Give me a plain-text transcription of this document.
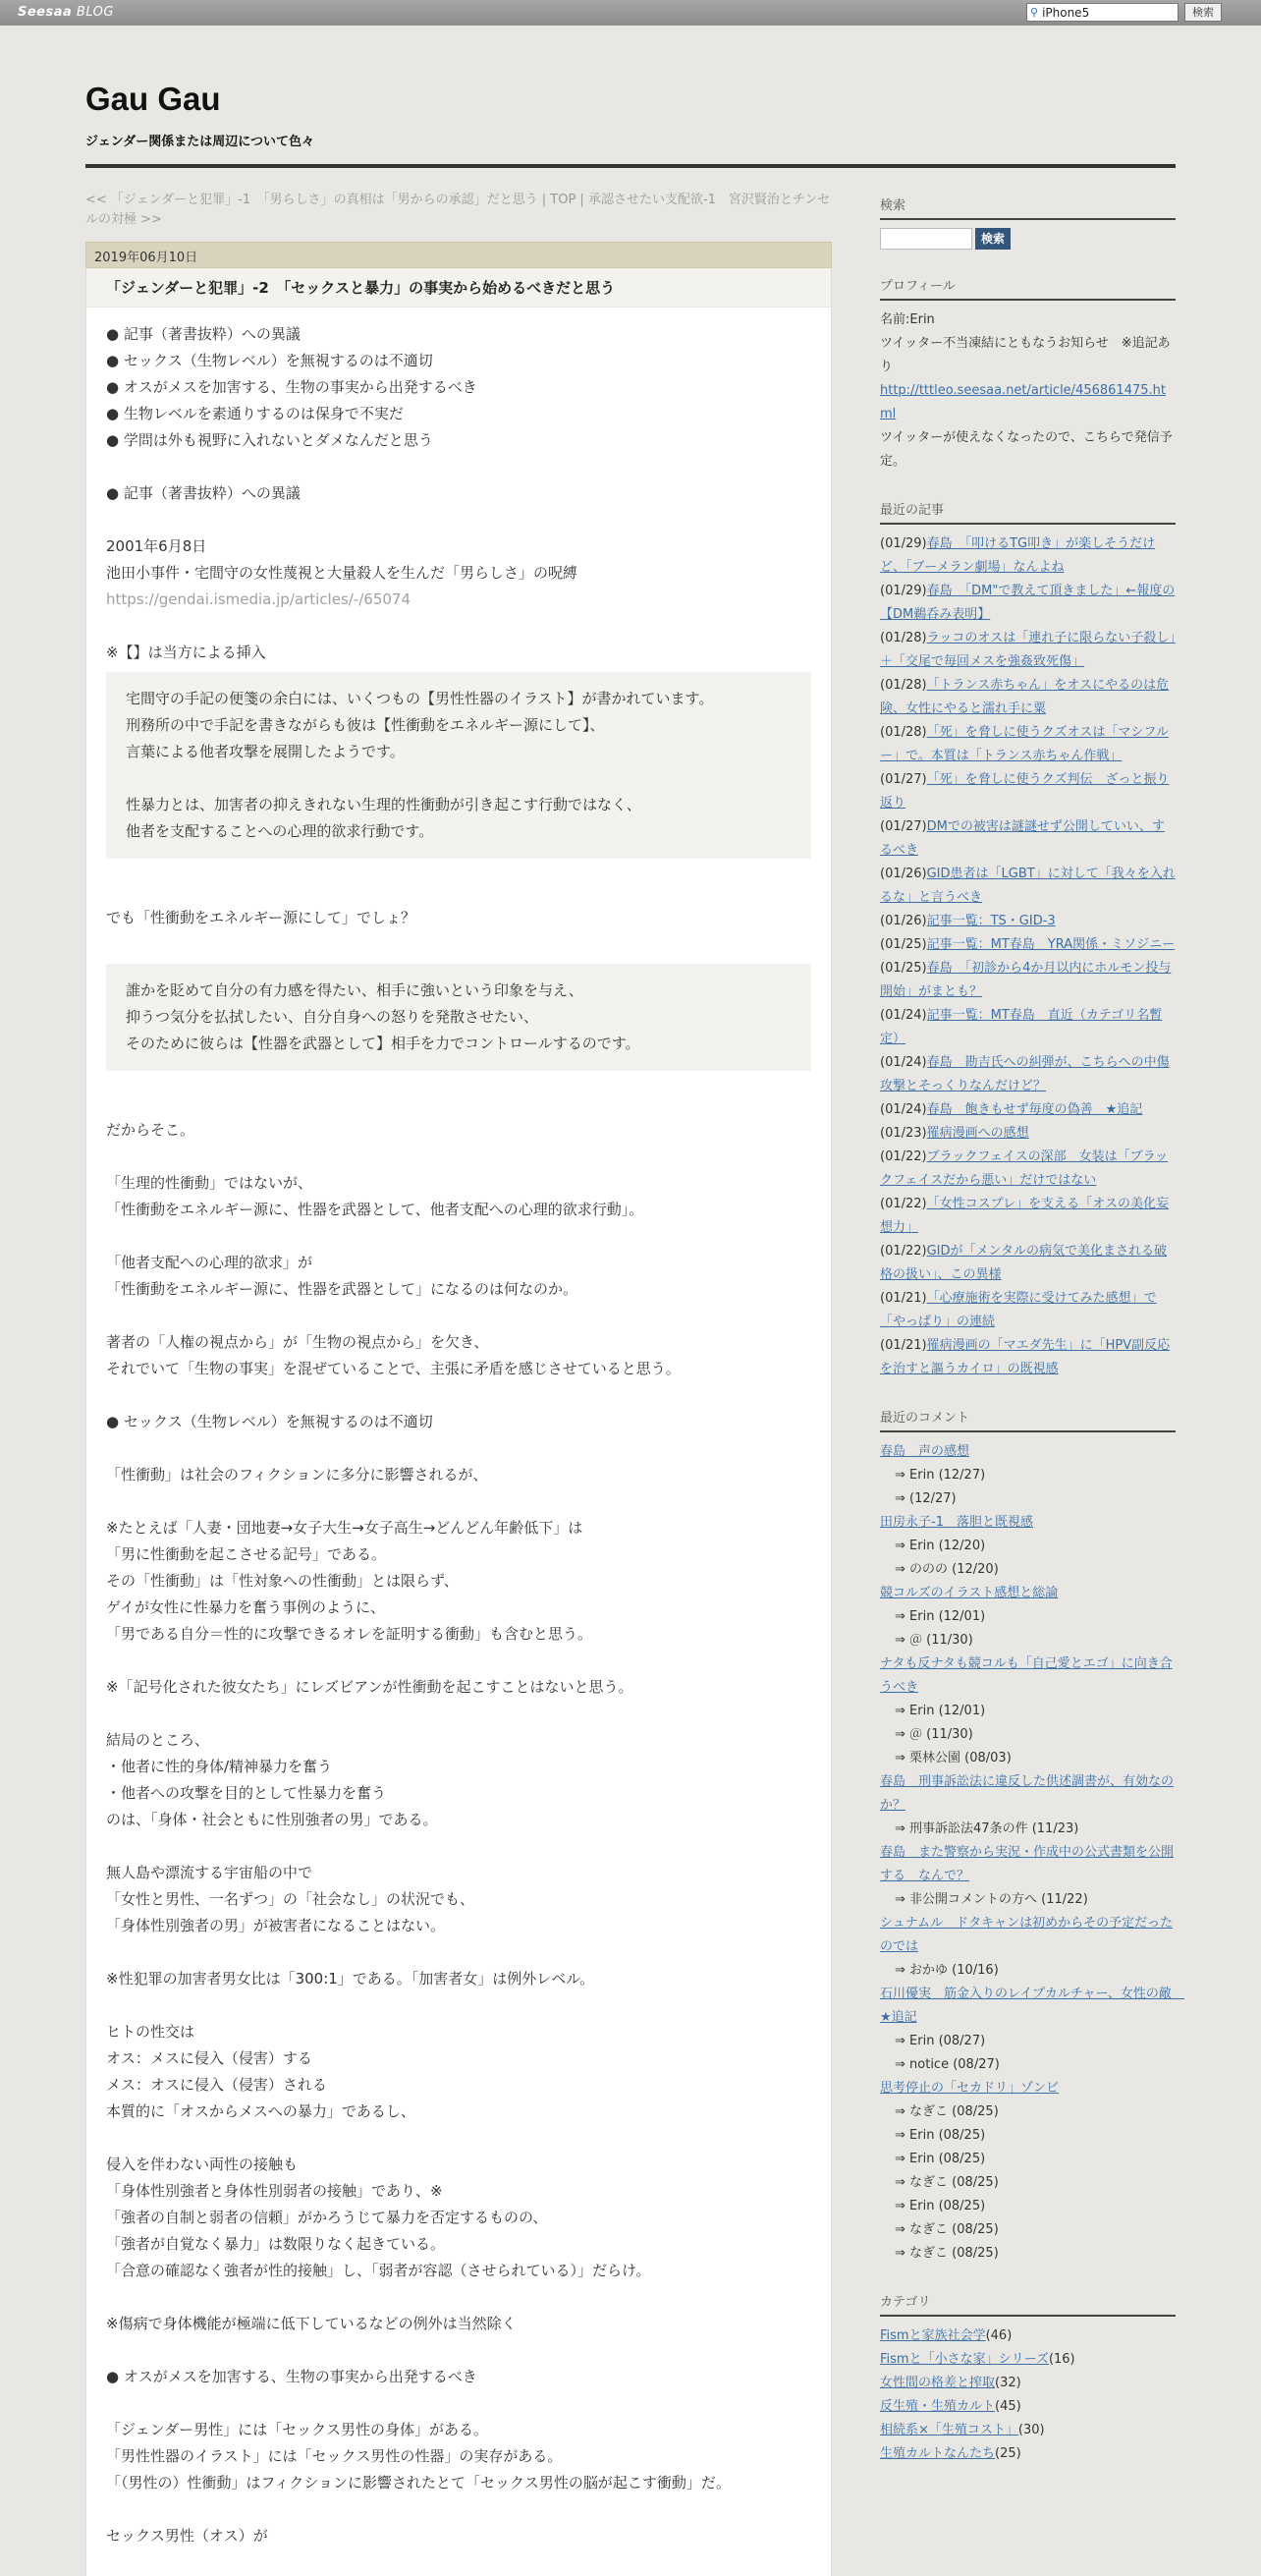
Seesaa BLOG	⚲ iPhone5	検索
Gau Gau
ジェンダー関係または周辺について色々
<< 「ジェンダーと犯罪」-1　「男らしさ」の真相は「男からの承認」だと思う | TOP | 承認させたい支配欲-1　宮沢賢治とチンセルの対極 >>
2019年06月10日
「ジェンダーと犯罪」-2　「セックスと暴力」の事実から始めるべきだと思う
● 記事（著書抜粋）への異議
● セックス（生物レベル）を無視するのは不適切
● オスがメスを加害する、生物の事実から出発するべき
● 生物レベルを素通りするのは保身で不実だ
● 学問は外も視野に入れないとダメなんだと思う
● 記事（著書抜粋）への異議
2001年6月8日
池田小事件・宅間守の女性蔑視と大量殺人を生んだ「男らしさ」の呪縛
https://gendai.ismedia.jp/articles/-/65074
※【】は当方による挿入
宅間守の手記の便箋の余白には、いくつもの【男性性器のイラスト】が書かれています。
刑務所の中で手記を書きながらも彼は【性衝動をエネルギー源にして】、
言葉による他者攻撃を展開したようです。
性暴力とは、加害者の抑えきれない生理的性衝動が引き起こす行動ではなく、
他者を支配することへの心理的欲求行動です。
でも「性衝動をエネルギー源にして」でしょ？
誰かを貶めて自分の有力感を得たい、相手に強いという印象を与え、
抑うつ気分を払拭したい、自分自身への怒りを発散させたい、
そのために彼らは【性器を武器として】相手を力でコントロールするのです。
だからそこ。
「生理的性衝動」ではないが、
「性衝動をエネルギー源に、性器を武器として、他者支配への心理的欲求行動」。
「他者支配への心理的欲求」が
「性衝動をエネルギー源に、性器を武器として」になるのは何なのか。
著者の「人権の視点から」が「生物の視点から」を欠き、
それでいて「生物の事実」を混ぜていることで、主張に矛盾を感じさせていると思う。
● セックス（生物レベル）を無視するのは不適切
「性衝動」は社会のフィクションに多分に影響されるが、
※たとえば「人妻・団地妻→女子大生→女子高生→どんどん年齢低下」は
「男に性衝動を起こさせる記号」である。
その「性衝動」は「性対象への性衝動」とは限らず、
ゲイが女性に性暴力を奮う事例のように、
「男である自分＝性的に攻撃できるオレを証明する衝動」も含むと思う。
※「記号化された彼女たち」にレズビアンが性衝動を起こすことはないと思う。
結局のところ、
・他者に性的身体/精神暴力を奮う
・他者への攻撃を目的として性暴力を奮う
のは、「身体・社会ともに性別強者の男」である。
無人島や漂流する宇宙船の中で
「女性と男性、一名ずつ」の「社会なし」の状況でも、
「身体性別強者の男」が被害者になることはない。
※性犯罪の加害者男女比は「300:1」である。「加害者女」は例外レベル。
ヒトの性交は
オス：メスに侵入（侵害）する
メス：オスに侵入（侵害）される
本質的に「オスからメスへの暴力」であるし、
侵入を伴わない両性の接触も
「身体性別強者と身体性別弱者の接触」であり、※
「強者の自制と弱者の信頼」がかろうじて暴力を否定するものの、
「強者が自覚なく暴力」は数限りなく起きている。
「合意の確認なく強者が性的接触」し、「弱者が容認（させられている）」だらけ。
※傷病で身体機能が極端に低下しているなどの例外は当然除く
● オスがメスを加害する、生物の事実から出発するべき
「ジェンダー男性」には「セックス男性の身体」がある。
「男性性器のイラスト」には「セックス男性の性器」の実存がある。
「（男性の）性衝動」はフィクションに影響されたとて「セックス男性の脳が起こす衝動」だ。
セックス男性（オス）が
検索
検索
プロフィール
名前:Erin
ツイッター不当凍結にともなうお知らせ　※追記あり
http://tttleo.seesaa.net/article/456861475.html
ツイッターが使えなくなったので、こちらで発信予定。
最近の記事
(01/29)春島　「叩けるTG叩き」が楽しそうだけど、「ブーメラン劇場」なんよね
(01/29)春島　「DM"で教えて頂きました」←報度の【DM鵜呑み表明】
(01/28)ラッコのオスは「連れ子に限らない子殺し」＋「交尾で毎回メスを強姦致死傷」
(01/28)「トランス赤ちゃん」をオスにやるのは危険、女性にやると濡れ手に粟
(01/28)「死」を脅しに使うクズオスは「マシフルー」で。本質は「トランス赤ちゃん作戦」
(01/27)「死」を脅しに使うクズ判伝　ざっと振り返り
(01/27)DMでの被害は謎謎せず公開していい、するべき
(01/26)GID患者は「LGBT」に対して「我々を入れるな」と言うべき
(01/26)記事一覧：TS・GID-3
(01/25)記事一覧：MT春島　YRA関係・ミソジニー
(01/25)春島　「初診から4か月以内にホルモン投与開始」がまとも？
(01/24)記事一覧：MT春島　直近（カテゴリ名暫定）
(01/24)春島　勘吉氏への糾弾が、こちらへの中傷攻撃とそっくりなんだけど？
(01/24)春島　飽きもせず毎度の偽善　★追記
(01/23)罹病漫画への感想
(01/22)ブラックフェイスの深部　女装は「ブラックフェイスだから悪い」だけではない
(01/22)「女性コスプレ」を支える「オスの美化妄想力」
(01/22)GIDが「メンタルの病気で美化まされる破格の扱い」、この異様
(01/21)「心療施術を実際に受けてみた感想」で「やっぱり」の連続
(01/21)罹病漫画の「マエダ先生」に「HPV副反応を治すと謳うカイロ」の既視感
最近のコメント
春島　声の感想
⇒ Erin (12/27)
⇒ (12/27)
田房永子-1　落胆と既視感
⇒ Erin (12/20)
⇒ ののの (12/20)
競コルズのイラスト感想と総論
⇒ Erin (12/01)
⇒ ＠ (11/30)
ナタも反ナタも競コルも「自己愛とエゴ」に向き合うべき
⇒ Erin (12/01)
⇒ ＠ (11/30)
⇒ 栗林公園 (08/03)
春島　刑事訴訟法に違反した供述調書が、有効なのか？
⇒ 刑事訴訟法47条の件 (11/23)
春島　また警察から実況・作成中の公式書類を公開する　なんで？
⇒ 非公開コメントの方へ (11/22)
シュナムル　ドタキャンは初めからその予定だったのでは
⇒ おかゆ (10/16)
石川優実　筋金入りのレイプカルチャー、女性の敵　★追記
⇒ Erin (08/27)
⇒ notice (08/27)
思考停止の「セカドリ」ゾンビ
⇒ なぎこ (08/25)
⇒ Erin (08/25)
⇒ Erin (08/25)
⇒ なぎこ (08/25)
⇒ Erin (08/25)
⇒ なぎこ (08/25)
⇒ なぎこ (08/25)
カテゴリ
Fismと家族社会学(46)
Fismと「小さな家」シリーズ(16)
女性間の格差と搾取(32)
反生殖・生殖カルト(45)
相続系×「生殖コスト」(30)
生殖カルトなんたち(25)
